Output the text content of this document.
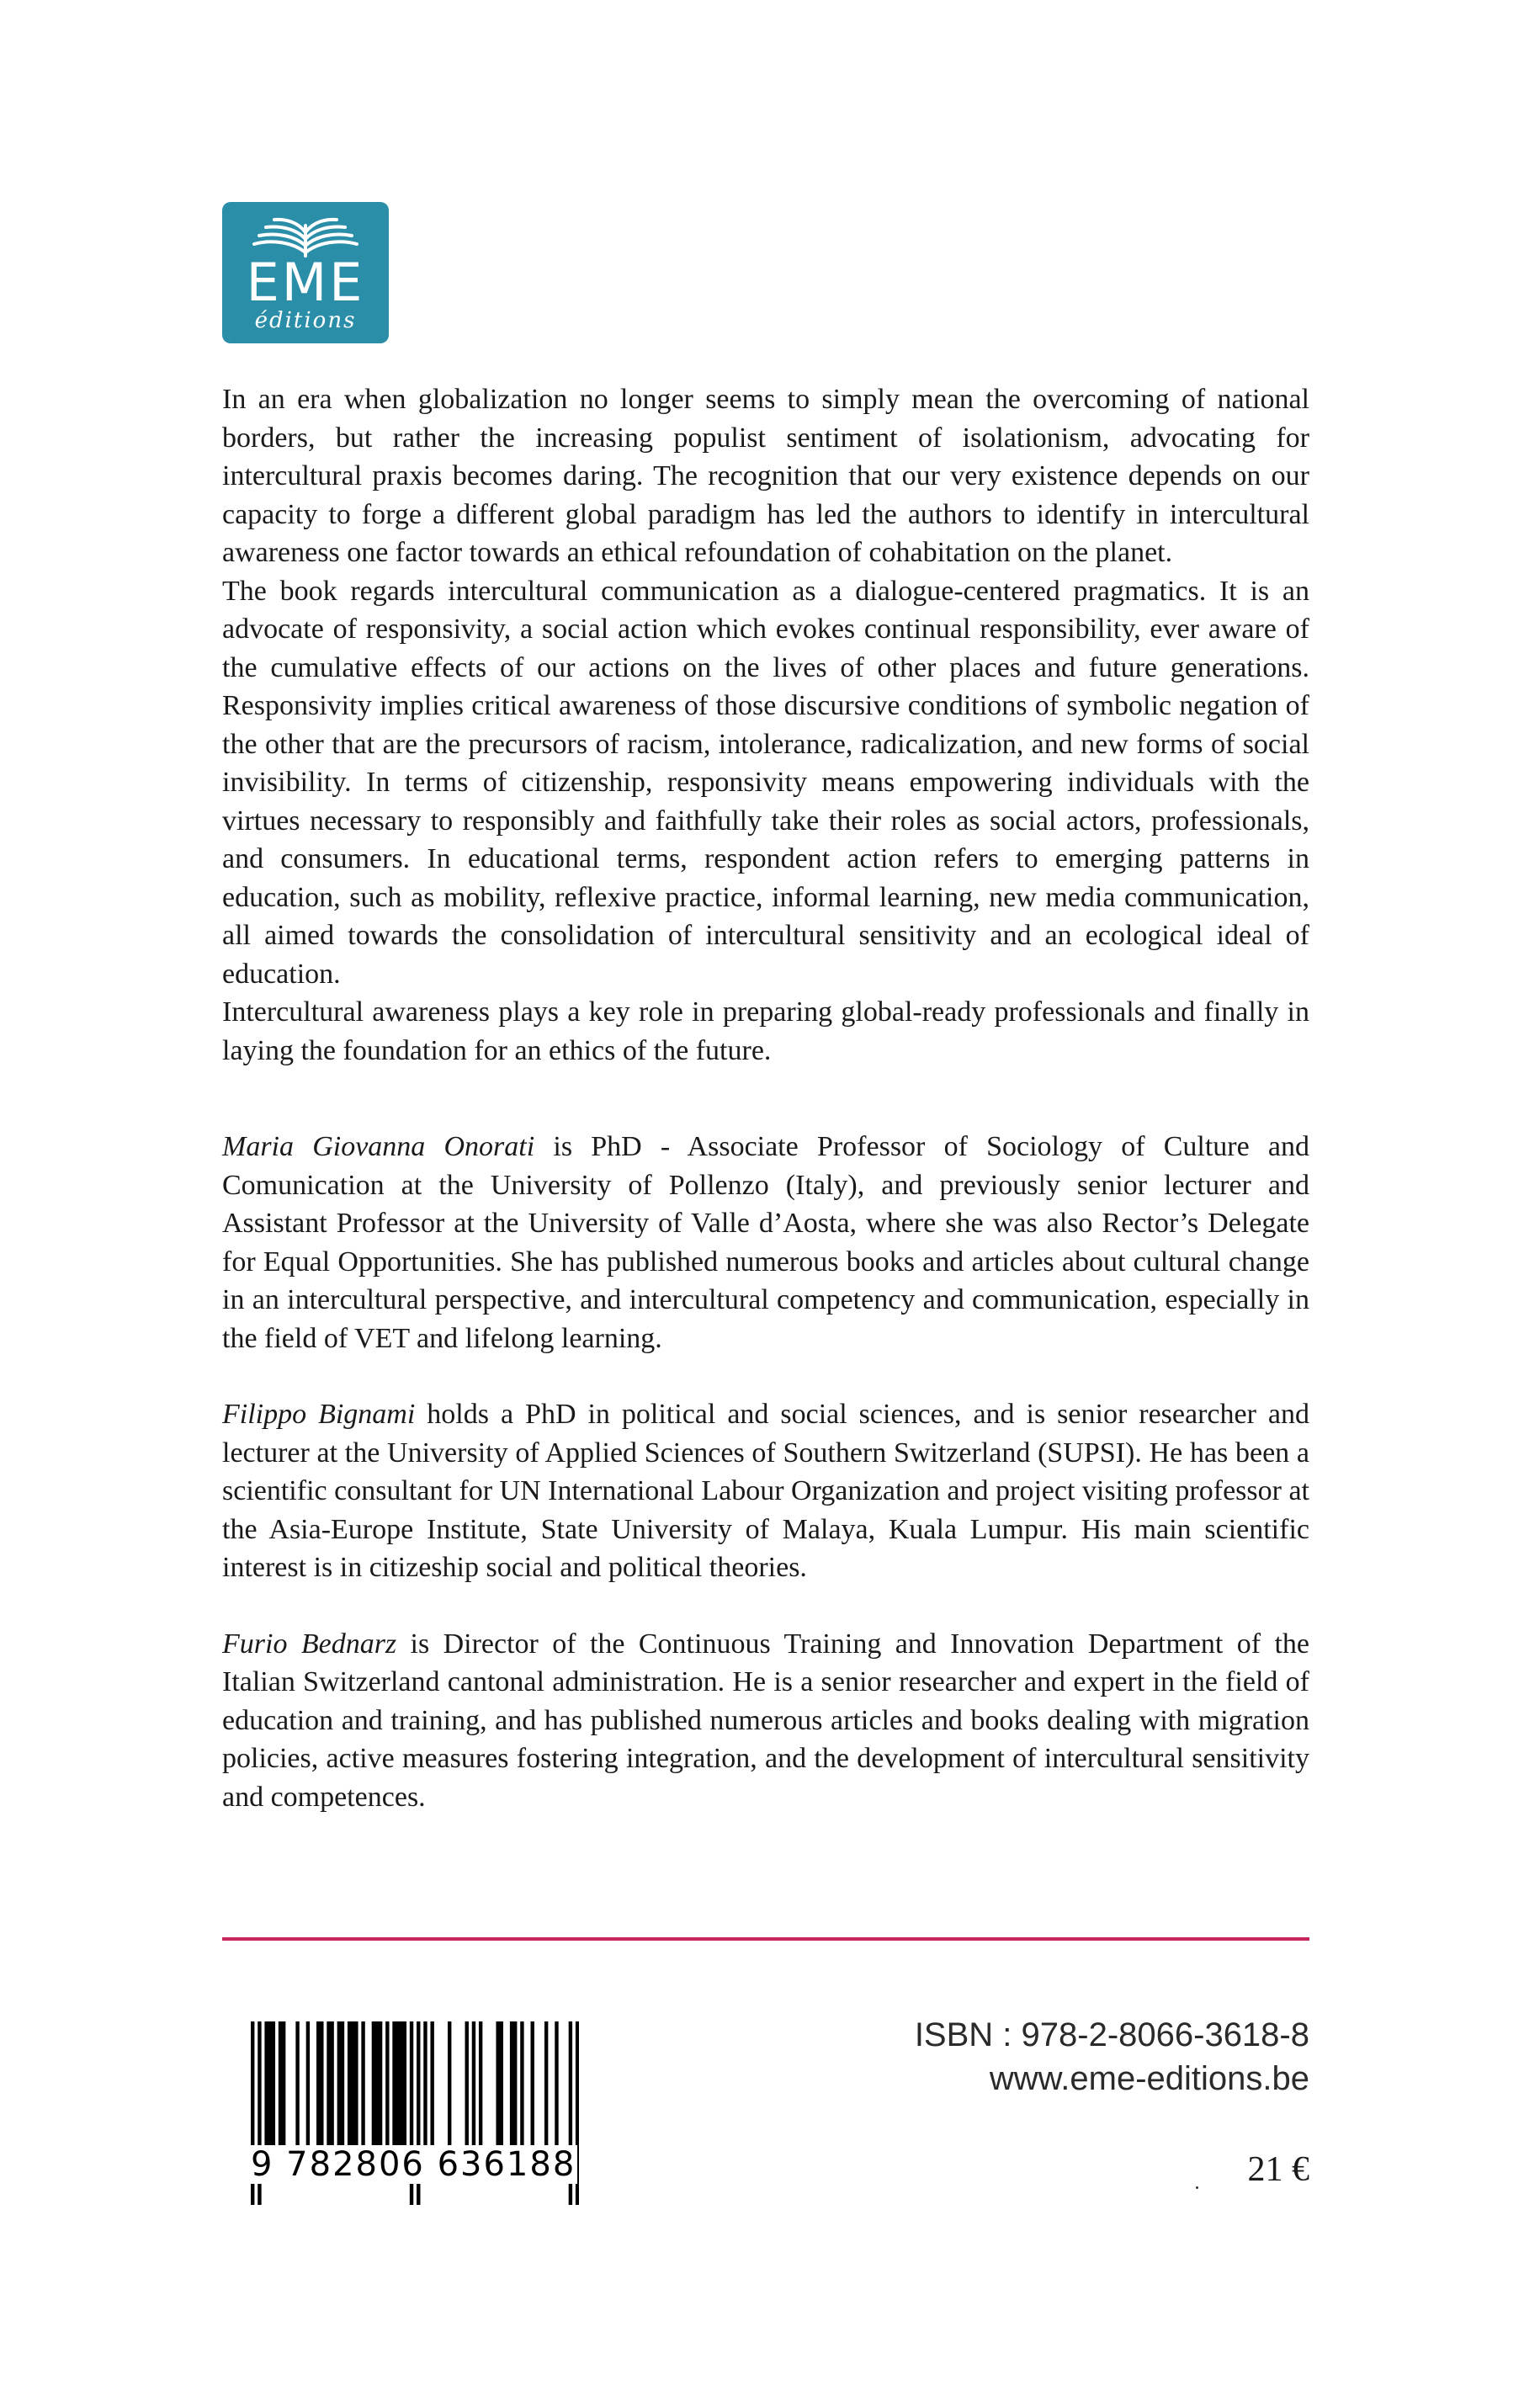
EME
éditions

In an era when globalization no longer seems to simply mean the overcoming of national borders, but rather the increasing populist sentiment of isolationism, advocating for intercultural praxis becomes daring. The recognition that our very existence depends on our capacity to forge a different global paradigm has led the authors to identify in intercultural awareness one factor towards an ethical refoundation of cohabitation on the planet.

The book regards intercultural communication as a dialogue-centered pragmatics. It is an advocate of responsivity, a social action which evokes continual responsibility, ever aware of the cumulative effects of our actions on the lives of other places and future generations. Responsivity implies critical awareness of those discursive conditions of symbolic negation of the other that are the precursors of racism, intolerance, radicalization, and new forms of social invisibility. In terms of citizenship, responsivity means empowering individuals with the virtues necessary to responsibly and faithfully take their roles as social actors, professionals, and consumers. In educational terms, respondent action refers to emerging patterns in education, such as mobility, reflexive practice, informal learning, new media communication, all aimed towards the consolidation of intercultural sensitivity and an ecological ideal of education.

Intercultural awareness plays a key role in preparing global-ready professionals and finally in laying the foundation for an ethics of the future.

Maria Giovanna Onorati is PhD - Associate Professor of Sociology of Culture and Comunication at the University of Pollenzo (Italy), and previously senior lecturer and Assistant Professor at the University of Valle d’Aosta, where she was also Rector’s Delegate for Equal Opportunities. She has published numerous books and articles about cultural change in an intercultural perspective, and intercultural competency and communication, especially in the field of VET and lifelong learning.

Filippo Bignami holds a PhD in political and social sciences, and is senior researcher and lecturer at the University of Applied Sciences of Southern Switzerland (SUPSI). He has been a scientific consultant for UN International Labour Organization and project visiting professor at the Asia-Europe Institute, State University of Malaya, Kuala Lumpur. His main scientific interest is in citizeship social and political theories.

Furio Bednarz is Director of the Continuous Training and Innovation Department of the Italian Switzerland cantonal administration. He is a senior researcher and expert in the field of education and training, and has published numerous articles and books dealing with migration policies, active measures fostering integration, and the development of intercultural sensitivity and competences.

9 782806 636188
ISBN : 978-2-8066-3618-8
www.eme-editions.be
21 €
